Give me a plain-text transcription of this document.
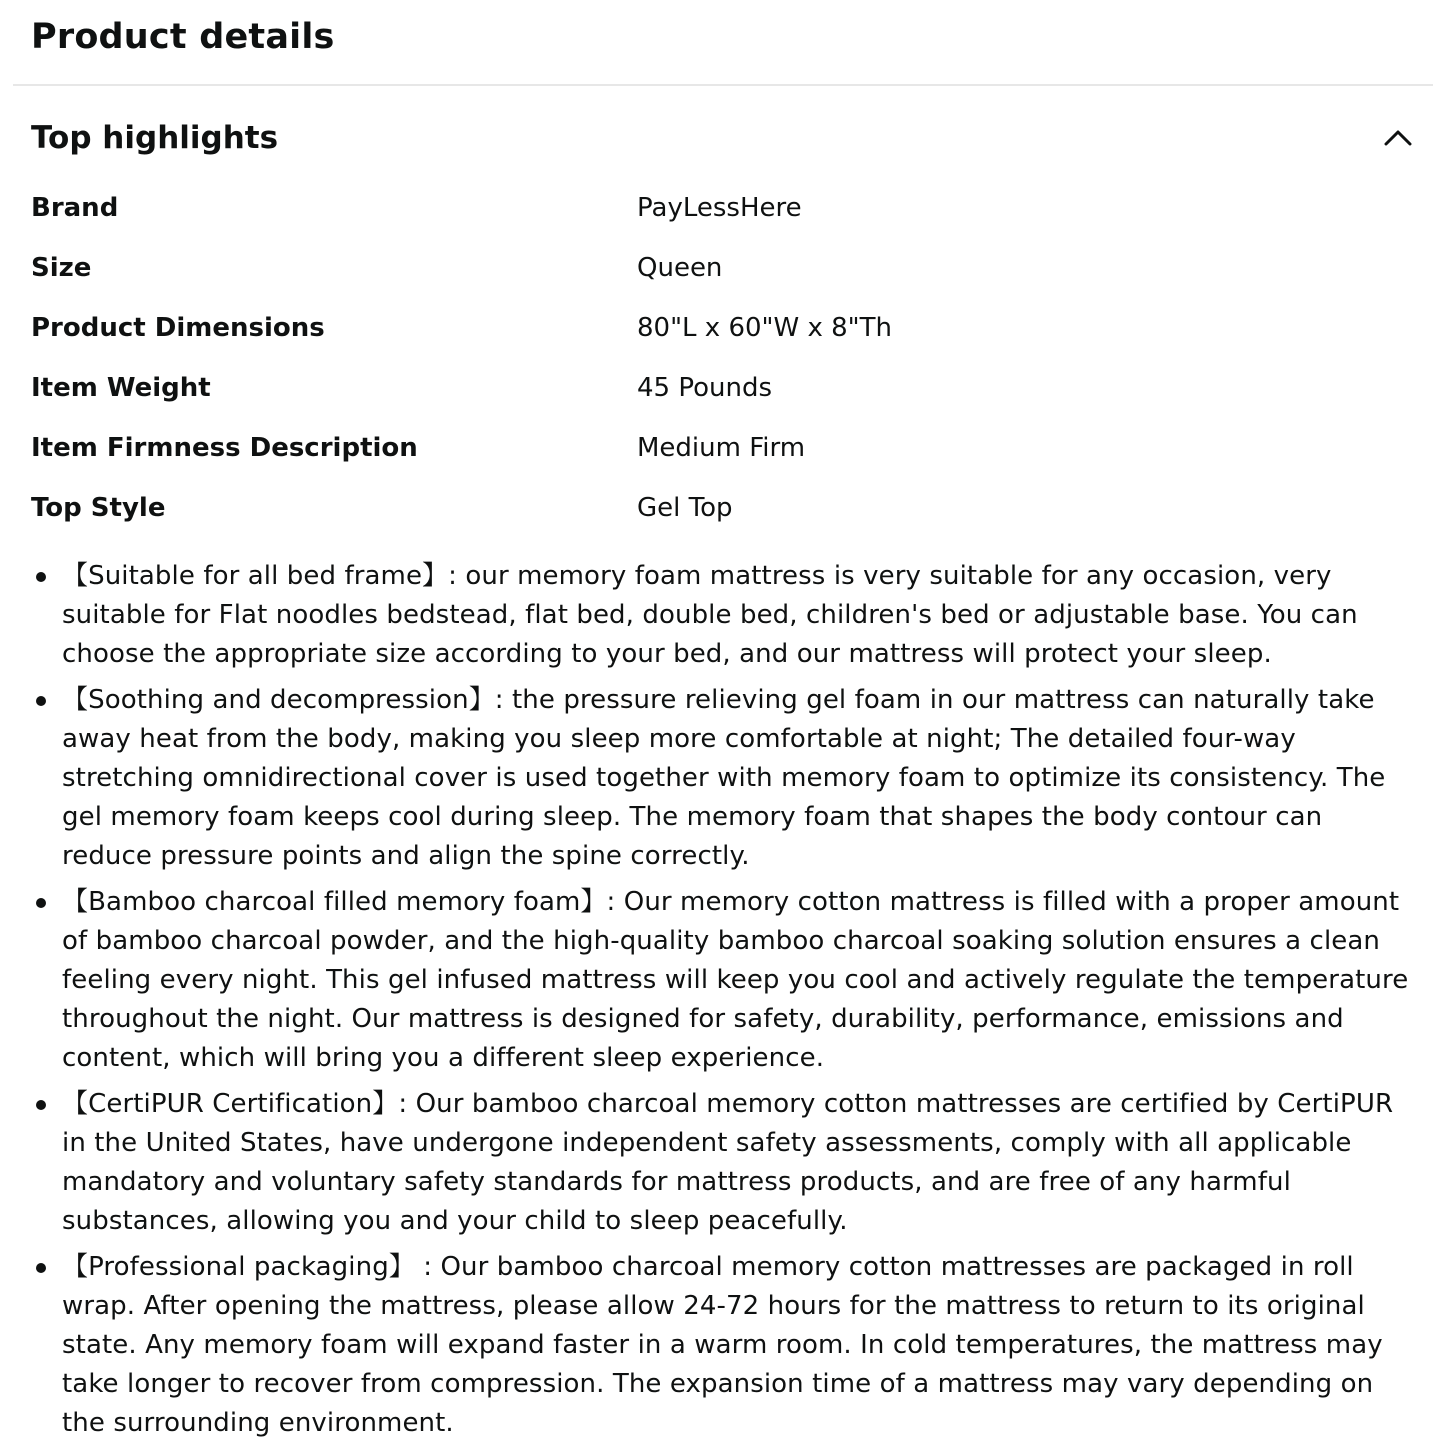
Product details
Top highlights
Brand	PayLessHere
Size	Queen
Product Dimensions	80"L x 60"W x 8"Th
Item Weight	45 Pounds
Item Firmness Description	Medium Firm
Top Style	Gel Top
【Suitable for all bed frame】: our memory foam mattress is very suitable for any occasion, very suitable for Flat noodles bedstead, flat bed, double bed, children's bed or adjustable base. You can choose the appropriate size according to your bed, and our mattress will protect your sleep.
【Soothing and decompression】: the pressure relieving gel foam in our mattress can naturally take away heat from the body, making you sleep more comfortable at night; The detailed four-way stretching omnidirectional cover is used together with memory foam to optimize its consistency. The gel memory foam keeps cool during sleep. The memory foam that shapes the body contour can reduce pressure points and align the spine correctly.
【Bamboo charcoal filled memory foam】: Our memory cotton mattress is filled with a proper amount of bamboo charcoal powder, and the high-quality bamboo charcoal soaking solution ensures a clean feeling every night. This gel infused mattress will keep you cool and actively regulate the temperature throughout the night. Our mattress is designed for safety, durability, performance, emissions and content, which will bring you a different sleep experience.
【CertiPUR Certification】: Our bamboo charcoal memory cotton mattresses are certified by CertiPUR in the United States, have undergone independent safety assessments, comply with all applicable mandatory and voluntary safety standards for mattress products, and are free of any harmful substances, allowing you and your child to sleep peacefully.
【Professional packaging】 : Our bamboo charcoal memory cotton mattresses are packaged in roll wrap. After opening the mattress, please allow 24-72 hours for the mattress to return to its original state. Any memory foam will expand faster in a warm room. In cold temperatures, the mattress may take longer to recover from compression. The expansion time of a mattress may vary depending on the surrounding environment.
